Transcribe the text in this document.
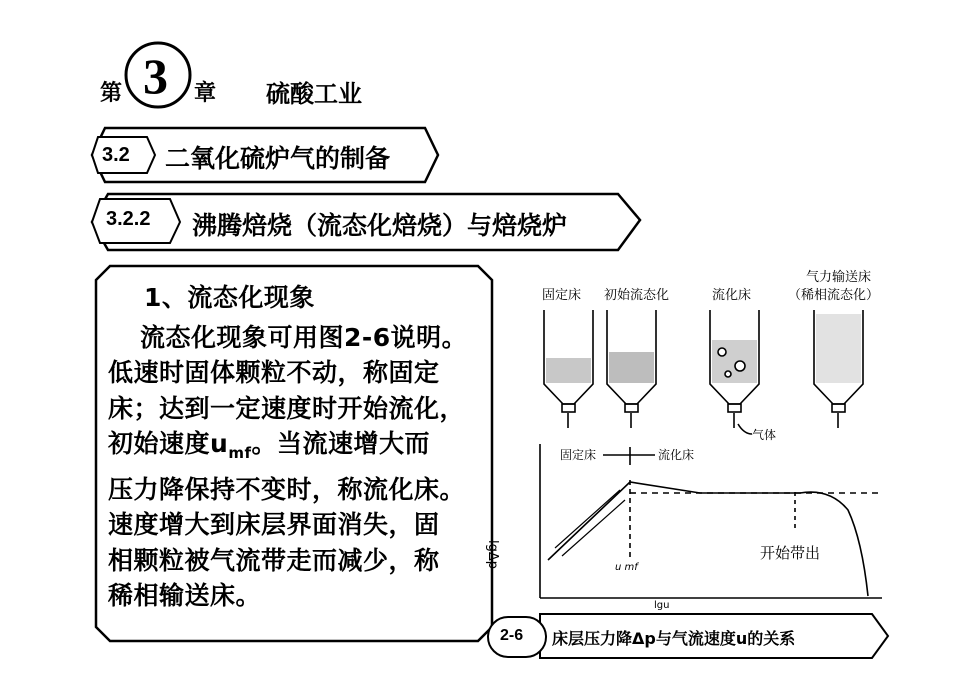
第 3 章 硫酸工业
3.2 二氧化硫炉气的制备
3.2.2 沸腾焙烧（流态化焙烧）与焙烧炉
1、流态化现象
流态化现象可用图2-6说明。
低速时固体颗粒不动，称固定
床；达到一定速度时开始流化，
初始速度$u_{mf}$。当流速增大而
压力降保持不变时，称流化床。
速度增大到床层界面消失，固
相颗粒被气流带走而减少，称
稀相输送床。
固定床 初始流态化	流化床
气力输送床
（稀相流态化）
气体
固定床	流化床
开始带出
lgΔp	u mf
lgu
2-6 床层压力降Δp与气流速度u的关系
